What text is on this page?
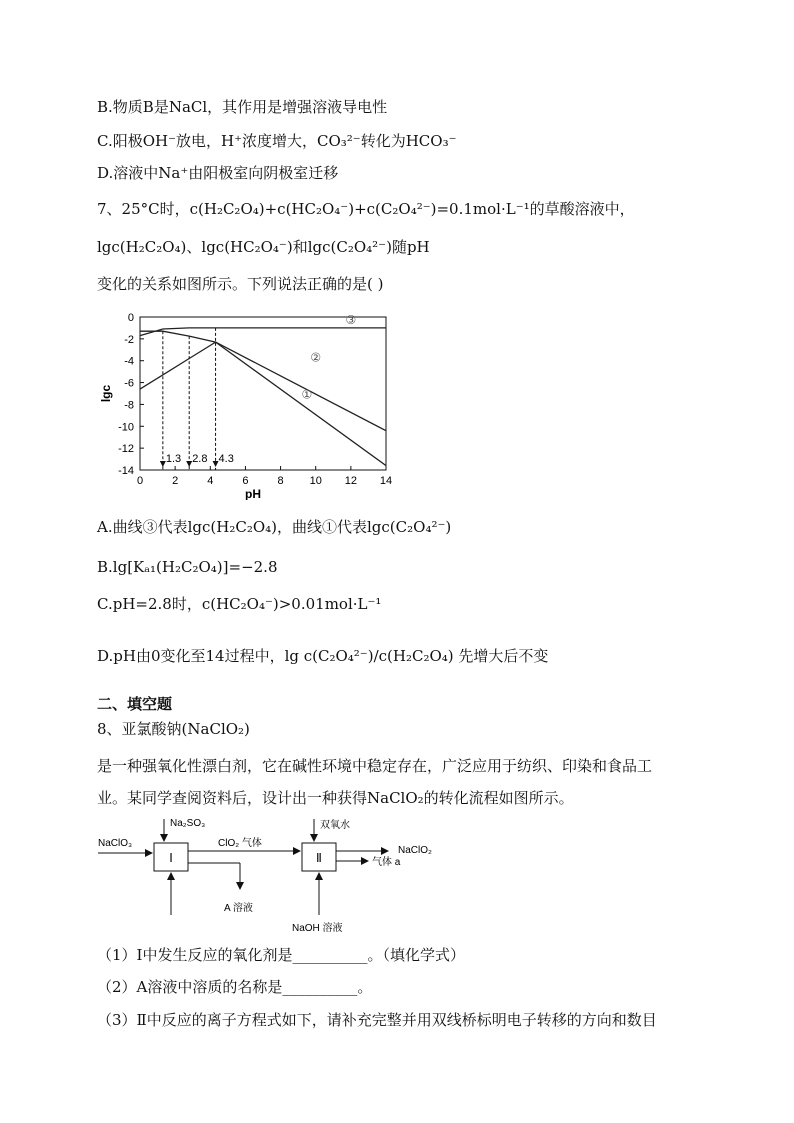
B.物质B是NaCl，其作用是增强溶液导电性
C.阳极OH⁻放电，H⁺浓度增大，CO₃²⁻转化为HCO₃⁻
D.溶液中Na⁺由阳极室向阴极室迁移
7、25°C时，c(H₂C₂O₄)+c(HC₂O₄⁻)+c(C₂O₄²⁻)=0.1mol·L⁻¹的草酸溶液中，
lgc(H₂C₂O₄)、lgc(HC₂O₄⁻)和lgc(C₂O₄²⁻)随pH
变化的关系如图所示。下列说法正确的是( )
0
-2
-4
-6
-8
-10
-12
-14
0	2	4	6	8 10 12 14
pH
lgc
1.3 2.8 4.3
①
②
③
A.曲线③代表lgc(H₂C₂O₄)，曲线①代表lgc(C₂O₄²⁻)
B.lg[Kₐ₁(H₂C₂O₄)]=−2.8
C.pH=2.8时，c(HC₂O₄⁻)>0.01mol·L⁻¹
D.pH由0变化至14过程中，lg c(C₂O₄²⁻)/c(H₂C₂O₄) 先增大后不变
二、填空题
8、亚氯酸钠(NaClO₂)
是一种强氧化性漂白剂，它在碱性环境中稳定存在，广泛应用于纺织、印染和食品工
业。某同学查阅资料后，设计出一种获得NaClO₂的转化流程如图所示。
Ⅰ	Ⅱ
NaClO₃
Na₂SO₃
ClO₂ 气体
A 溶液
双氧水
NaOH 溶液
NaClO₂
气体 a
（1）Ⅰ中发生反应的氧化剂是__________。（填化学式）
（2）A溶液中溶质的名称是__________。
（3）Ⅱ中反应的离子方程式如下，请补充完整并用双线桥标明电子转移的方向和数目
